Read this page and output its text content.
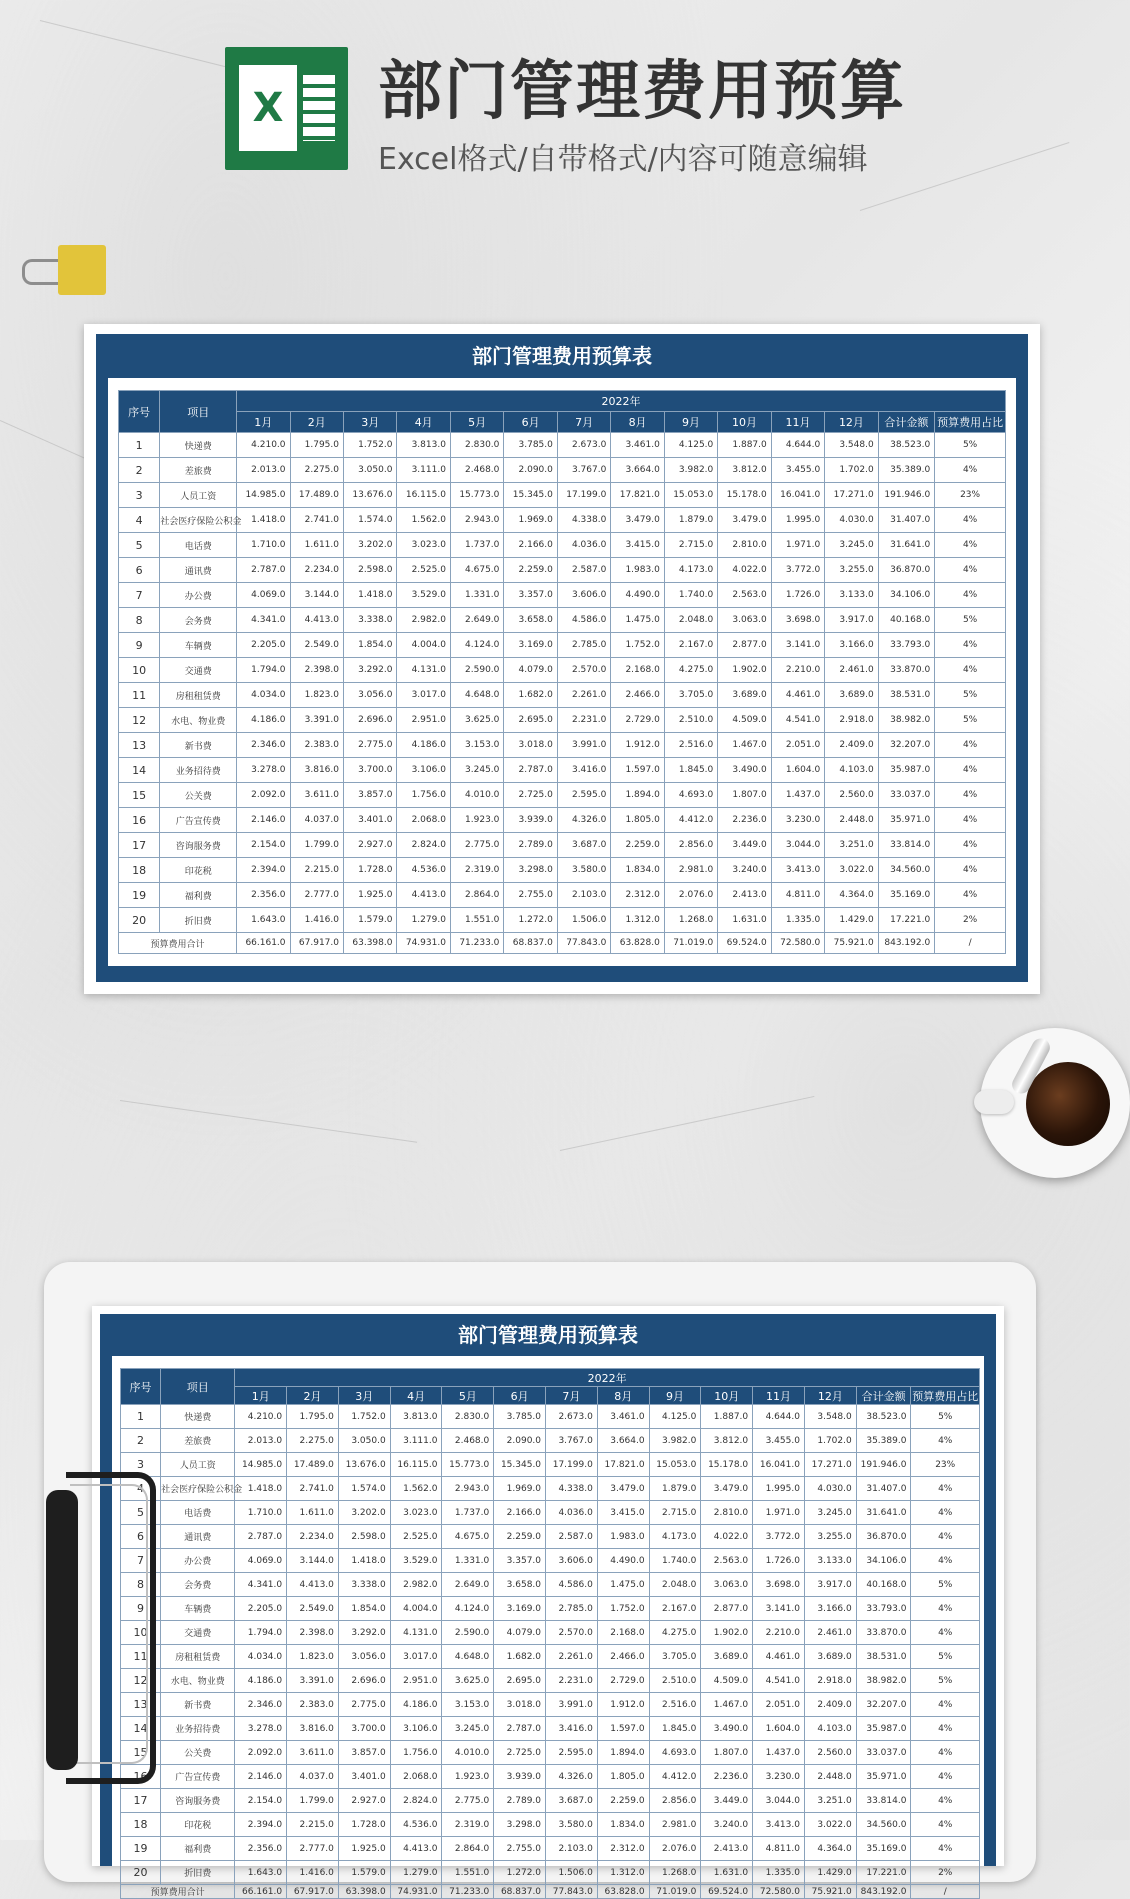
X 部门管理费用预算
Excel格式/自带格式/内容可随意编辑
部门管理费用预算表
序号	项目	2022年													
		1月	2月	3月	4月	5月	6月	7月	8月	9月	10月	11月	12月	合计金额	预算费用占比
1	快递费	4.210.0	1.795.0	1.752.0	3.813.0	2.830.0	3.785.0	2.673.0	3.461.0	4.125.0	1.887.0	4.644.0	3.548.0	38.523.0	5%
2	差旅费	2.013.0	2.275.0	3.050.0	3.111.0	2.468.0	2.090.0	3.767.0	3.664.0	3.982.0	3.812.0	3.455.0	1.702.0	35.389.0	4%
3	人员工资	14.985.0	17.489.0	13.676.0	16.115.0	15.773.0	15.345.0	17.199.0	17.821.0	15.053.0	15.178.0	16.041.0	17.271.0	191.946.0	23%
4	社会医疗保险公积金	1.418.0	2.741.0	1.574.0	1.562.0	2.943.0	1.969.0	4.338.0	3.479.0	1.879.0	3.479.0	1.995.0	4.030.0	31.407.0	4%
5	电话费	1.710.0	1.611.0	3.202.0	3.023.0	1.737.0	2.166.0	4.036.0	3.415.0	2.715.0	2.810.0	1.971.0	3.245.0	31.641.0	4%
6	通讯费	2.787.0	2.234.0	2.598.0	2.525.0	4.675.0	2.259.0	2.587.0	1.983.0	4.173.0	4.022.0	3.772.0	3.255.0	36.870.0	4%
7	办公费	4.069.0	3.144.0	1.418.0	3.529.0	1.331.0	3.357.0	3.606.0	4.490.0	1.740.0	2.563.0	1.726.0	3.133.0	34.106.0	4%
8	会务费	4.341.0	4.413.0	3.338.0	2.982.0	2.649.0	3.658.0	4.586.0	1.475.0	2.048.0	3.063.0	3.698.0	3.917.0	40.168.0	5%
9	车辆费	2.205.0	2.549.0	1.854.0	4.004.0	4.124.0	3.169.0	2.785.0	1.752.0	2.167.0	2.877.0	3.141.0	3.166.0	33.793.0	4%
10	交通费	1.794.0	2.398.0	3.292.0	4.131.0	2.590.0	4.079.0	2.570.0	2.168.0	4.275.0	1.902.0	2.210.0	2.461.0	33.870.0	4%
11	房租租赁费	4.034.0	1.823.0	3.056.0	3.017.0	4.648.0	1.682.0	2.261.0	2.466.0	3.705.0	3.689.0	4.461.0	3.689.0	38.531.0	5%
12	水电、物业费	4.186.0	3.391.0	2.696.0	2.951.0	3.625.0	2.695.0	2.231.0	2.729.0	2.510.0	4.509.0	4.541.0	2.918.0	38.982.0	5%
13	新书费	2.346.0	2.383.0	2.775.0	4.186.0	3.153.0	3.018.0	3.991.0	1.912.0	2.516.0	1.467.0	2.051.0	2.409.0	32.207.0	4%
14	业务招待费	3.278.0	3.816.0	3.700.0	3.106.0	3.245.0	2.787.0	3.416.0	1.597.0	1.845.0	3.490.0	1.604.0	4.103.0	35.987.0	4%
15	公关费	2.092.0	3.611.0	3.857.0	1.756.0	4.010.0	2.725.0	2.595.0	1.894.0	4.693.0	1.807.0	1.437.0	2.560.0	33.037.0	4%
16	广告宣传费	2.146.0	4.037.0	3.401.0	2.068.0	1.923.0	3.939.0	4.326.0	1.805.0	4.412.0	2.236.0	3.230.0	2.448.0	35.971.0	4%
17	咨询服务费	2.154.0	1.799.0	2.927.0	2.824.0	2.775.0	2.789.0	3.687.0	2.259.0	2.856.0	3.449.0	3.044.0	3.251.0	33.814.0	4%
18	印花税	2.394.0	2.215.0	1.728.0	4.536.0	2.319.0	3.298.0	3.580.0	1.834.0	2.981.0	3.240.0	3.413.0	3.022.0	34.560.0	4%
19	福利费	2.356.0	2.777.0	1.925.0	4.413.0	2.864.0	2.755.0	2.103.0	2.312.0	2.076.0	2.413.0	4.811.0	4.364.0	35.169.0	4%
20	折旧费	1.643.0	1.416.0	1.579.0	1.279.0	1.551.0	1.272.0	1.506.0	1.312.0	1.268.0	1.631.0	1.335.0	1.429.0	17.221.0	2%
预算费用合计		66.161.0	67.917.0	63.398.0	74.931.0	71.233.0	68.837.0	77.843.0	63.828.0	71.019.0	69.524.0	72.580.0	75.921.0	843.192.0	/
部门管理费用预算表
序号	项目	2022年													
		1月	2月	3月	4月	5月	6月	7月	8月	9月	10月	11月	12月	合计金额	预算费用占比
1	快递费	4.210.0	1.795.0	1.752.0	3.813.0	2.830.0	3.785.0	2.673.0	3.461.0	4.125.0	1.887.0	4.644.0	3.548.0	38.523.0	5%
2	差旅费	2.013.0	2.275.0	3.050.0	3.111.0	2.468.0	2.090.0	3.767.0	3.664.0	3.982.0	3.812.0	3.455.0	1.702.0	35.389.0	4%
3	人员工资	14.985.0	17.489.0	13.676.0	16.115.0	15.773.0	15.345.0	17.199.0	17.821.0	15.053.0	15.178.0	16.041.0	17.271.0	191.946.0	23%
4	社会医疗保险公积金	1.418.0	2.741.0	1.574.0	1.562.0	2.943.0	1.969.0	4.338.0	3.479.0	1.879.0	3.479.0	1.995.0	4.030.0	31.407.0	4%
5	电话费	1.710.0	1.611.0	3.202.0	3.023.0	1.737.0	2.166.0	4.036.0	3.415.0	2.715.0	2.810.0	1.971.0	3.245.0	31.641.0	4%
6	通讯费	2.787.0	2.234.0	2.598.0	2.525.0	4.675.0	2.259.0	2.587.0	1.983.0	4.173.0	4.022.0	3.772.0	3.255.0	36.870.0	4%
7	办公费	4.069.0	3.144.0	1.418.0	3.529.0	1.331.0	3.357.0	3.606.0	4.490.0	1.740.0	2.563.0	1.726.0	3.133.0	34.106.0	4%
8	会务费	4.341.0	4.413.0	3.338.0	2.982.0	2.649.0	3.658.0	4.586.0	1.475.0	2.048.0	3.063.0	3.698.0	3.917.0	40.168.0	5%
9	车辆费	2.205.0	2.549.0	1.854.0	4.004.0	4.124.0	3.169.0	2.785.0	1.752.0	2.167.0	2.877.0	3.141.0	3.166.0	33.793.0	4%
10	交通费	1.794.0	2.398.0	3.292.0	4.131.0	2.590.0	4.079.0	2.570.0	2.168.0	4.275.0	1.902.0	2.210.0	2.461.0	33.870.0	4%
11	房租租赁费	4.034.0	1.823.0	3.056.0	3.017.0	4.648.0	1.682.0	2.261.0	2.466.0	3.705.0	3.689.0	4.461.0	3.689.0	38.531.0	5%
12	水电、物业费	4.186.0	3.391.0	2.696.0	2.951.0	3.625.0	2.695.0	2.231.0	2.729.0	2.510.0	4.509.0	4.541.0	2.918.0	38.982.0	5%
13	新书费	2.346.0	2.383.0	2.775.0	4.186.0	3.153.0	3.018.0	3.991.0	1.912.0	2.516.0	1.467.0	2.051.0	2.409.0	32.207.0	4%
14	业务招待费	3.278.0	3.816.0	3.700.0	3.106.0	3.245.0	2.787.0	3.416.0	1.597.0	1.845.0	3.490.0	1.604.0	4.103.0	35.987.0	4%
15	公关费	2.092.0	3.611.0	3.857.0	1.756.0	4.010.0	2.725.0	2.595.0	1.894.0	4.693.0	1.807.0	1.437.0	2.560.0	33.037.0	4%
16	广告宣传费	2.146.0	4.037.0	3.401.0	2.068.0	1.923.0	3.939.0	4.326.0	1.805.0	4.412.0	2.236.0	3.230.0	2.448.0	35.971.0	4%
17	咨询服务费	2.154.0	1.799.0	2.927.0	2.824.0	2.775.0	2.789.0	3.687.0	2.259.0	2.856.0	3.449.0	3.044.0	3.251.0	33.814.0	4%
18	印花税	2.394.0	2.215.0	1.728.0	4.536.0	2.319.0	3.298.0	3.580.0	1.834.0	2.981.0	3.240.0	3.413.0	3.022.0	34.560.0	4%
19	福利费	2.356.0	2.777.0	1.925.0	4.413.0	2.864.0	2.755.0	2.103.0	2.312.0	2.076.0	2.413.0	4.811.0	4.364.0	35.169.0	4%
20	折旧费	1.643.0	1.416.0	1.579.0	1.279.0	1.551.0	1.272.0	1.506.0	1.312.0	1.268.0	1.631.0	1.335.0	1.429.0	17.221.0	2%
预算费用合计		66.161.0	67.917.0	63.398.0	74.931.0	71.233.0	68.837.0	77.843.0	63.828.0	71.019.0	69.524.0	72.580.0	75.921.0	843.192.0	/
